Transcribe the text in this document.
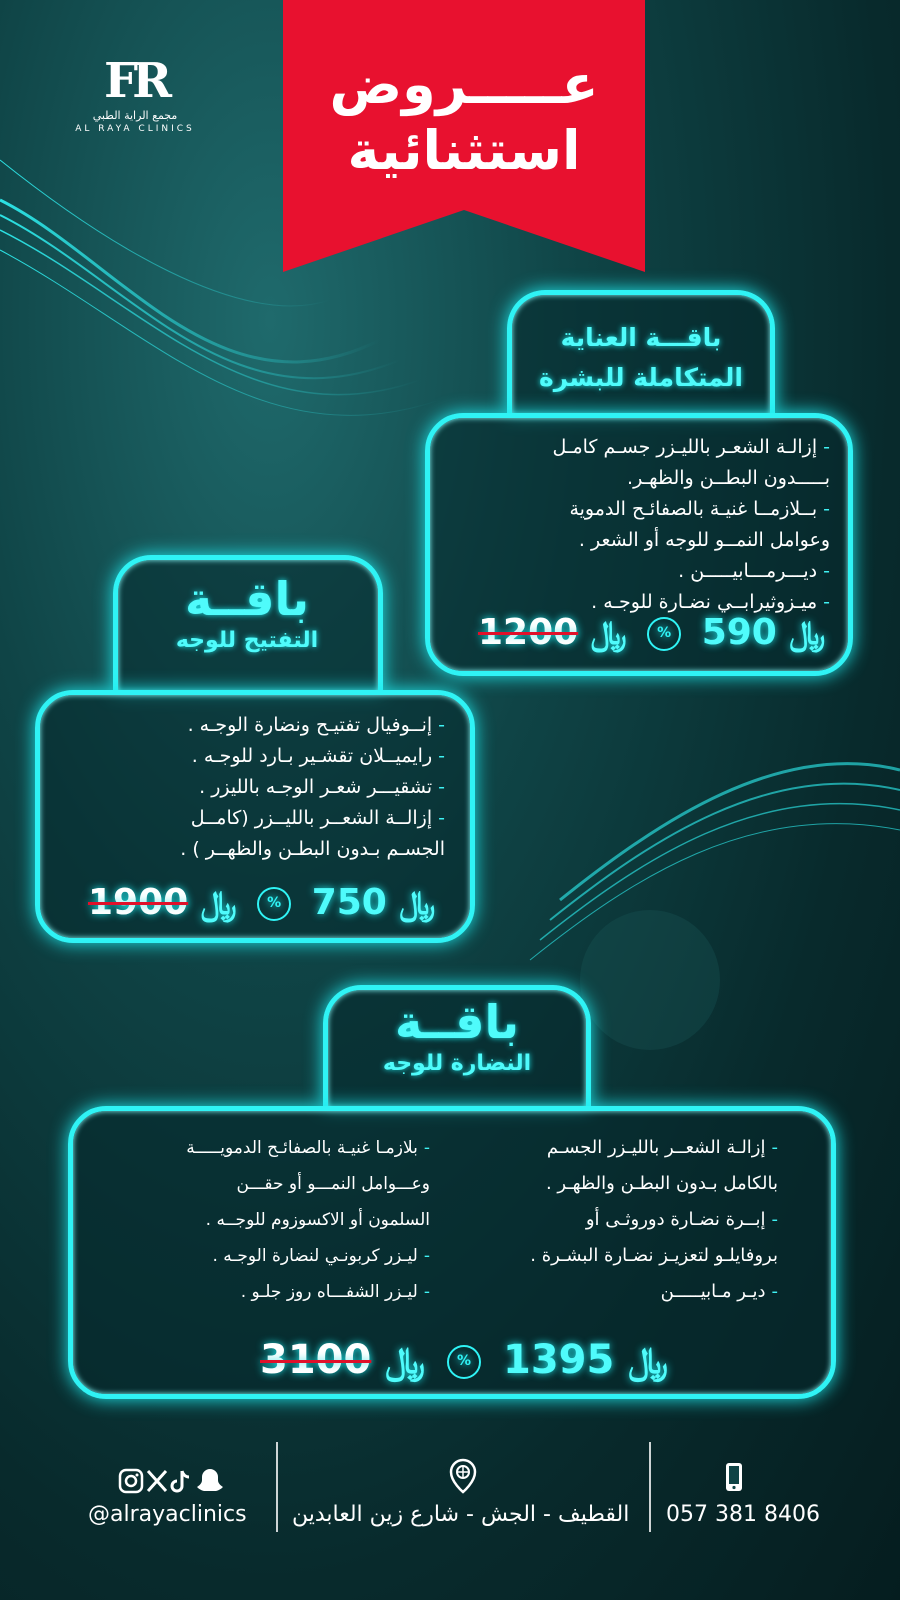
FR
مجمع الراية الطبي
AL RAYA CLINICS
عـــــروض
استثنائية
باقـــة العناية
المتكاملة للبشرة
-إزالـة الشعـر بالليـزر جسـم كامـل
بـــــدون البطــن والظهـر.
-بــلازمــا غنيـة بالصفائـح الدموية
وعوامل النمــو للوجه أو الشعر .
-ديـــرمـــابيـــــن .
-ميـزوثيرابــي نضـارة للوجـه .
﷼ 590 % ﷼ 1200
باقــة
التفتيح للوجه
-إنــوفيال تفتيـح ونضارة الوجـه .
-رايميــلان تقشـير بـارد للوجـه .
-تشقيـــر شعـر الوجـه بالليزر .
-إزالــة الشعــر بالليــزر (كامــل
الجسـم بـدون البطـن والظهــر ) .
﷼ 750 % ﷼ 1900
باقــة
النضارة للوجه
-إزالـة الشعــر بالليـزر الجسـم
بالكامل بـدون البطـن والظهـر .
-إبــرة نضـارة دوروثـى أو
بروفايلـو لتعزيـز نضـارة البشـرة .
-ديـر مـابيـــــن
-بلازمـا غنيـة بالصفائـح الدمويـــــة
وعـــوامل النمـــو أو حقـــن
السلمون أو الاكسوزوم للوجــه .
-ليـزر كربونـي لنضارة الوجـه .
-ليـزر الشفـــاه روز جلـو .
﷼ 1395 % ﷼ 3100
@alrayaclinics القطيف - الجش - شارع زين العابدين 057 381 8406
